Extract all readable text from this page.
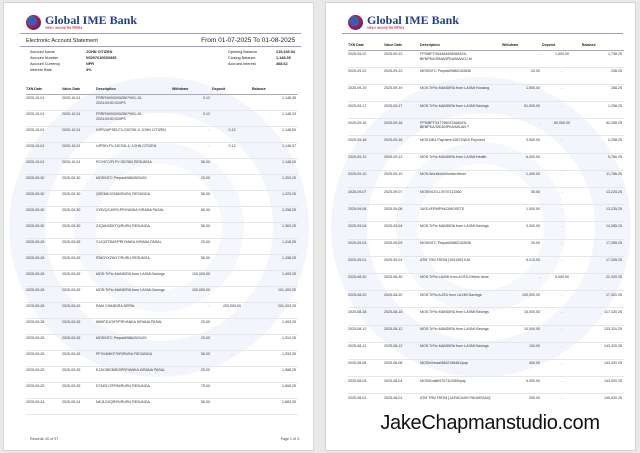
Global IME Bank
ग्लोबल आइएमई बैंक लिमिटेड
Electronic Account Statement	From 01-07-2025 To 01-08-2025
Account Name	JOHN CITIZEN
Account Number	0S0070100S6935
Account Currency	NPR
Interest Rate	3%
Opening Balance	215,346.54
Closing Balance	1,148.35
Accrued Interest	468.62
TXN Date	Value Date	Description	Withdraw	Deposit	Balance
2025-10-01	2025-10-01	FRRR/000000528079/01-10-2024:09:52:02/IPS	0.12	-	1,148.35
2025-10-01	2025-10-01	FRRR/000000528079/01-10-2024:09:52:02/IPS	0.12	-	1,148.23
2025-10-01	2025-10-01	GIPS/UIPSELFV-230706-1/ JOHN CITIZEN	-	0.13	1,148.50
2025-10-01	2025-10-01	UIPSELFV-230706-1/ JOHN CITIZEN	-	0.13	1,148.37
2025-10-01	2025-10-01	RC/NTC/PLFV-2B7962 RESUNGA	55.00	-	1,148.25
2025-09-30	2025-09-30	MOS/NTC Prepaid/9864520401	20.00	-	1,203.25
2025-09-30	2025-09-30	QSEMKJVS8K/RURU RESUNGA	55.00	-	1,223.25
2025-09-30	2025-09-30	1Y5VQC40RV,PRIYANKA KIRANA PASAL	65.00	-	1,298.25
2025-09-30	2025-09-30	ZJQAN3DKTQ/RURU RESUNGA	55.00	-	1,363.25
2025-09-26	2025-09-26	Y1JQ3T3MZ/PRIYANKA KIRANA PASAL	20.00	-	1,418.25
2025-09-26	2025-09-26	R5K3YX2WX7/RURU RESUNGA	55.00	-	1,438.25
2025-09-26	2025-09-26	MOS:TrFto MANDIRA from LAXMI:Savings	100,000.00	-	1,493.25
2025-09-26	2025-09-26	MOS:TrFto MANDIRA from LAXMI:Savings	100,000.00	-	101,493.25
2025-09-26	2025-09-26	RAM CHANDRA NEPAL	-	200,000.00	201,493.25
2025-09-26	2025-09-26	8MKFD1O5T/PRIYANKA KIRANA PASAL	20.00	-	1,493.25
2025-09-26	2025-09-26	MOS/NTC Prepaid/9864520401	20.00	-	1,513.25
2025-09-26	2025-09-26	PFXV4MKF7KR/RURU RESUNGA	55.00	-	1,533.25
2025-09-25	2025-09-25	EJ2K3BGMSO/PRIYANKA KIRANA PASAL	20.00	-	1,588.25
2025-09-25	2025-09-25	D7M01Y2FRM/RURU RESUNGA	75.00	-	1,608.25
2025-09-24	2025-09-24	NKJ1Z4/QR9S/RURU RESUNGA	55.00	-	1,683.25
Records: 20 of 57	Page 1 of 3
Global IME Bank
ग्लोबल आइएमई बैंक लिमिटेड
TXN Date	Value Date	Description	Withdraw	Deposit	Balance
2025-09-22	2025-09-22	FPS/BFT:5544849983683/GL BENPKA/SIMANPKA/MANOJ M	-	1,500.00	1,738.25
2025-09-22	2025-09-22	MOS/NTC Prepaid/9862153536	20.00	-	238.25
2025-09-19	2025-09-19	MOS:TrFto MANDIRA from LAXMI:Housing	1,000.00	-	258.25
2025-09-17	2025-09-17	MOS:TrFto MANDIRA from LAXMI:Savings	51,000.00	-	1,258.25
2025-09-16	2025-09-16	FPS/BFT:5477960233665/GL BENPKA/SIDDNPKA/MILAN T	-	50,000.00	52,258.25
2025-09-16	2025-09-16	MOS:NEA Payment:15571NEA Payment	3,500.00	-	2,258.25
2025-09-12	2025-09-12	MOS:TrFto MANDIRA from LAXMI:Health	6,000.00	-	5,766.25
2025-09-10	2025-09-10	MOS:WorldLink/Ismita:Ibtmd	1,499.00	-	11,766.25
2025-09-07	2025-09-07	MOS/NCELL/9707113360	50.00	-	13,225.25
2025-09-06	2025-09-06	JUGU/FRMP/NLDMOSETS	1,000.00	-	13,235.25
2025-09-04	2025-09-04	MOS:TrFto MANDIRA from LAXMI:Savings	3,000.00	-	14,285.25
2025-09-03	2025-09-03	MOS/NTC Prepaid/9862153536	20.00	-	17,285.25
2025-09-01	2025-09-01	ATM TRN FROM [1001553 KAI	5,015.00	-	17,305.25
2025-08-30	2025-08-30	MOS:TrFto LAXMI from AJITA:Others done	-	5,000.00	22,320.25
2025-08-20	2025-08-20	MOS:TrFto AJITA from LAXMI:Savings	100,000.00	-	17,320.25
2025-08-18	2025-08-18	MOS:TrFto MANDIRA from LAXMI:Savings	16,000.00	-	117,320.25
2025-08-12	2025-08-12	MOS:TrFto MANDIRA from LAXMI:Savings	10,000.00	-	133,320.25
2025-08-12	2025-08-12	MOS:TrFto MANDIRA from LAXMI:Savings	100.00	-	143,320.25
2025-08-08	2025-08-08	MOS/eSewa/9842198481/pay	400.00	-	143,420.25
2025-08-04	2025-08-04	MOS/Khalti/9707113360/pay	5,000.00	-	144,020.25
2025-08-01	2025-08-01	ATM TRN FROM [1ATMCASH PAHARGAU]	250.00	-	149,020.25
JakeChapmanstudio.com
